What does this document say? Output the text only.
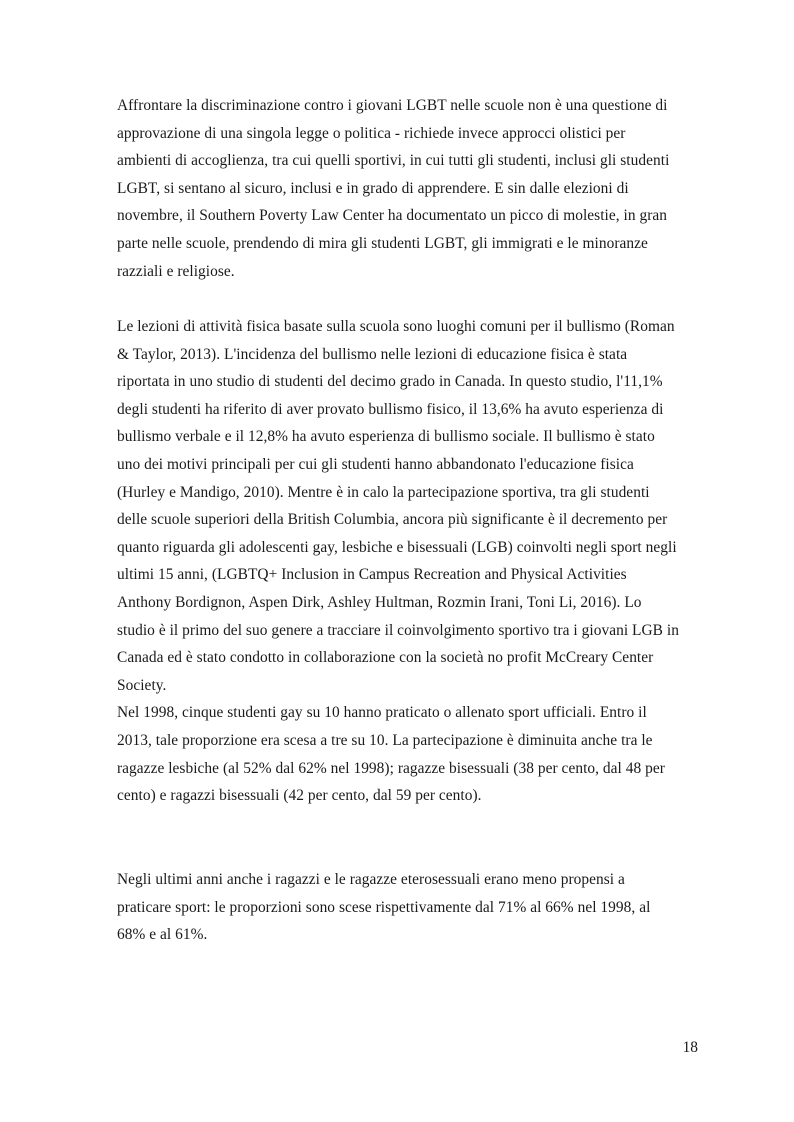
Affrontare la discriminazione contro i giovani LGBT nelle scuole non è una questione di
approvazione di una singola legge o politica - richiede invece approcci olistici per
ambienti di accoglienza, tra cui quelli sportivi, in cui tutti gli studenti, inclusi gli studenti
LGBT, si sentano al sicuro, inclusi e in grado di apprendere. E sin dalle elezioni di
novembre, il Southern Poverty Law Center ha documentato un picco di molestie, in gran
parte nelle scuole, prendendo di mira gli studenti LGBT, gli immigrati e le minoranze
razziali e religiose.
Le lezioni di attività fisica basate sulla scuola sono luoghi comuni per il bullismo (Roman
& Taylor, 2013). L'incidenza del bullismo nelle lezioni di educazione fisica è stata
riportata in uno studio di studenti del decimo grado in Canada. In questo studio, l'11,1%
degli studenti ha riferito di aver provato bullismo fisico, il 13,6% ha avuto esperienza di
bullismo verbale e il 12,8% ha avuto esperienza di bullismo sociale. Il bullismo è stato
uno dei motivi principali per cui gli studenti hanno abbandonato l'educazione fisica
(Hurley e Mandigo, 2010). Mentre è in calo la partecipazione sportiva, tra gli studenti
delle scuole superiori della British Columbia, ancora più significante è il decremento per
quanto riguarda gli adolescenti gay, lesbiche e bisessuali (LGB) coinvolti negli sport negli
ultimi 15 anni, (LGBTQ+ Inclusion in Campus Recreation and Physical Activities
Anthony Bordignon, Aspen Dirk, Ashley Hultman, Rozmin Irani, Toni Li, 2016). Lo
studio è il primo del suo genere a tracciare il coinvolgimento sportivo tra i giovani LGB in
Canada ed è stato condotto in collaborazione con la società no profit McCreary Center
Society.
Nel 1998, cinque studenti gay su 10 hanno praticato o allenato sport ufficiali. Entro il
2013, tale proporzione era scesa a tre su 10. La partecipazione è diminuita anche tra le
ragazze lesbiche (al 52% dal 62% nel 1998); ragazze bisessuali (38 per cento, dal 48 per
cento) e ragazzi bisessuali (42 per cento, dal 59 per cento).
Negli ultimi anni anche i ragazzi e le ragazze eterosessuali erano meno propensi a
praticare sport: le proporzioni sono scese rispettivamente dal 71% al 66% nel 1998, al
68% e al 61%.
18
